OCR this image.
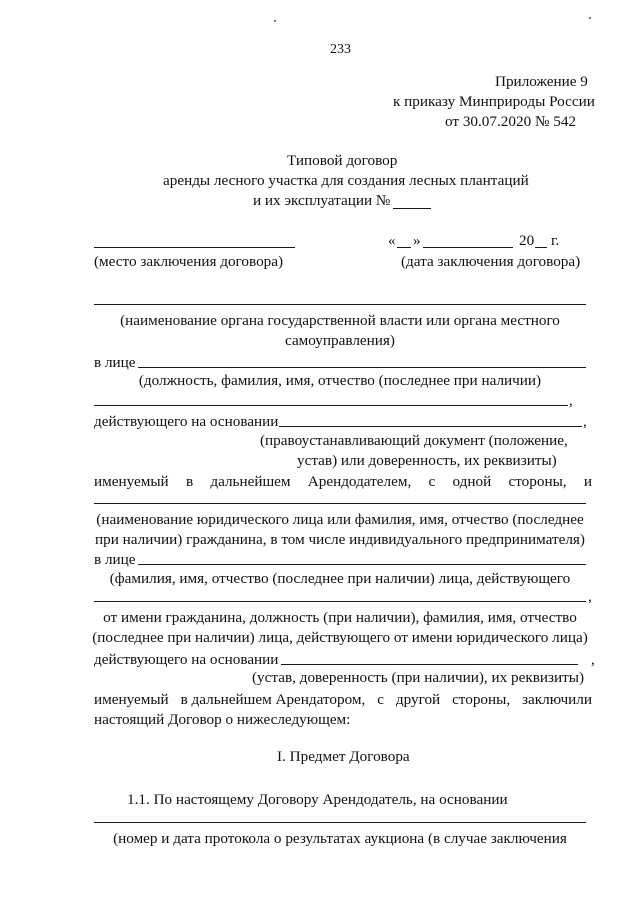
233
Приложение 9
к приказу Минприроды России
от 30.07.2020 № 542
Типовой договор
аренды лесного участка для создания лесных плантаций
и их эксплуатации №
« »	20 г.
(место заключения договора)	(дата заключения договора)
(наименование органа государственной власти или органа местного
самоуправления)
в лице
(должность, фамилия, имя, отчество (последнее при наличии)
,
действующего на основании	,
(правоустанавливающий документ (положение,
устав) или доверенность, их реквизиты)
именуемый в дальнейшем Арендодателем, с одной стороны, и
(наименование юридического лица или фамилия, имя, отчество (последнее
при наличии) гражданина, в том числе индивидуального предпринимателя)
в лице
(фамилия, имя, отчество (последнее при наличии) лица, действующего
,
от имени гражданина, должность (при наличии), фамилия, имя, отчество
(последнее при наличии) лица, действующего от имени юридического лица)
действующего на основании	,
(устав, доверенность (при наличии), их реквизиты)
именуемый в дальнейшем Арендатором, с другой стороны, заключили
настоящий Договор о нижеследующем:
I. Предмет Договора
1.1. По настоящему Договору Арендодатель, на основании
(номер и дата протокола о результатах аукциона (в случае заключения
